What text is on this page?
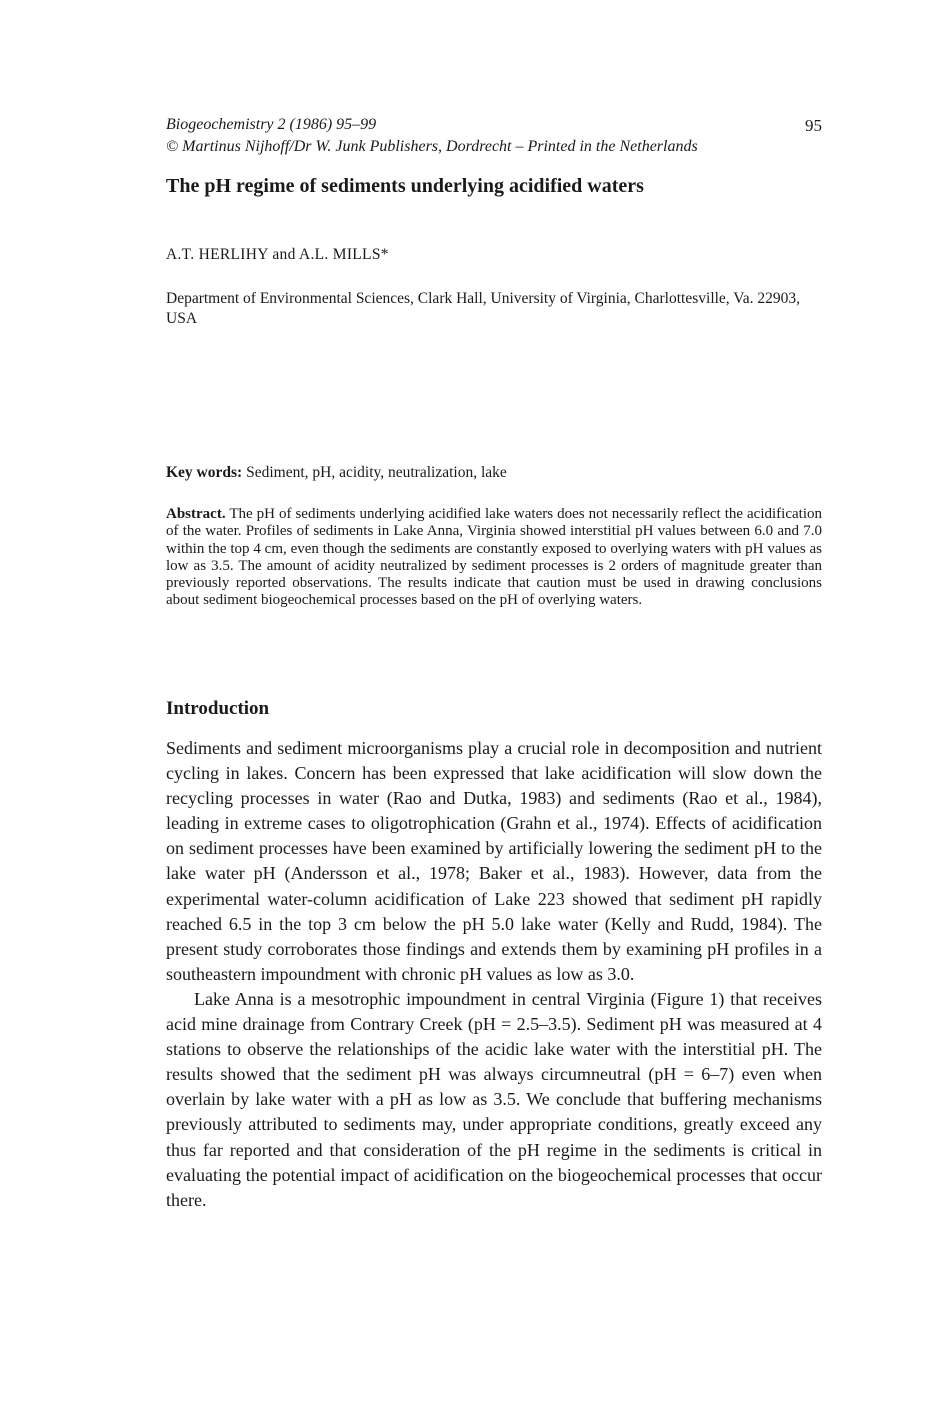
Biogeochemistry 2 (1986) 95–99
© Martinus Nijhoff/Dr W. Junk Publishers, Dordrecht – Printed in the Netherlands
95
The pH regime of sediments underlying acidified waters
A.T. HERLIHY and A.L. MILLS*
Department of Environmental Sciences, Clark Hall, University of Virginia, Charlottesville, Va. 22903, USA
Key words: Sediment, pH, acidity, neutralization, lake

Abstract. The pH of sediments underlying acidified lake waters does not necessarily reflect the acidification of the water. Profiles of sediments in Lake Anna, Virginia showed interstitial pH values between 6.0 and 7.0 within the top 4 cm, even though the sediments are constantly exposed to overlying waters with pH values as low as 3.5. The amount of acidity neutralized by sediment processes is 2 orders of magnitude greater than previously reported observations. The results indicate that caution must be used in drawing conclusions about sediment biogeochemical processes based on the pH of overlying waters.

Introduction

Sediments and sediment microorganisms play a crucial role in decomposition and nutrient cycling in lakes. Concern has been expressed that lake acidification will slow down the recycling processes in water (Rao and Dutka, 1983) and sediments (Rao et al., 1984), leading in extreme cases to oligotrophication (Grahn et al., 1974). Effects of acidification on sediment processes have been examined by artificially lowering the sediment pH to the lake water pH (Andersson et al., 1978; Baker et al., 1983). However, data from the experimental water-column acidification of Lake 223 showed that sediment pH rapidly reached 6.5 in the top 3 cm below the pH 5.0 lake water (Kelly and Rudd, 1984). The present study corroborates those findings and extends them by examining pH profiles in a southeastern impoundment with chronic pH values as low as 3.0.

Lake Anna is a mesotrophic impoundment in central Virginia (Figure 1) that receives acid mine drainage from Contrary Creek (pH = 2.5–3.5). Sediment pH was measured at 4 stations to observe the relationships of the acidic lake water with the interstitial pH. The results showed that the sediment pH was always circumneutral (pH = 6–7) even when overlain by lake water with a pH as low as 3.5. We conclude that buffering mechanisms previously attributed to sediments may, under appropriate conditions, greatly exceed any thus far reported and that consideration of the pH regime in the sediments is critical in evaluating the potential impact of acidification on the biogeochemical processes that occur there.
